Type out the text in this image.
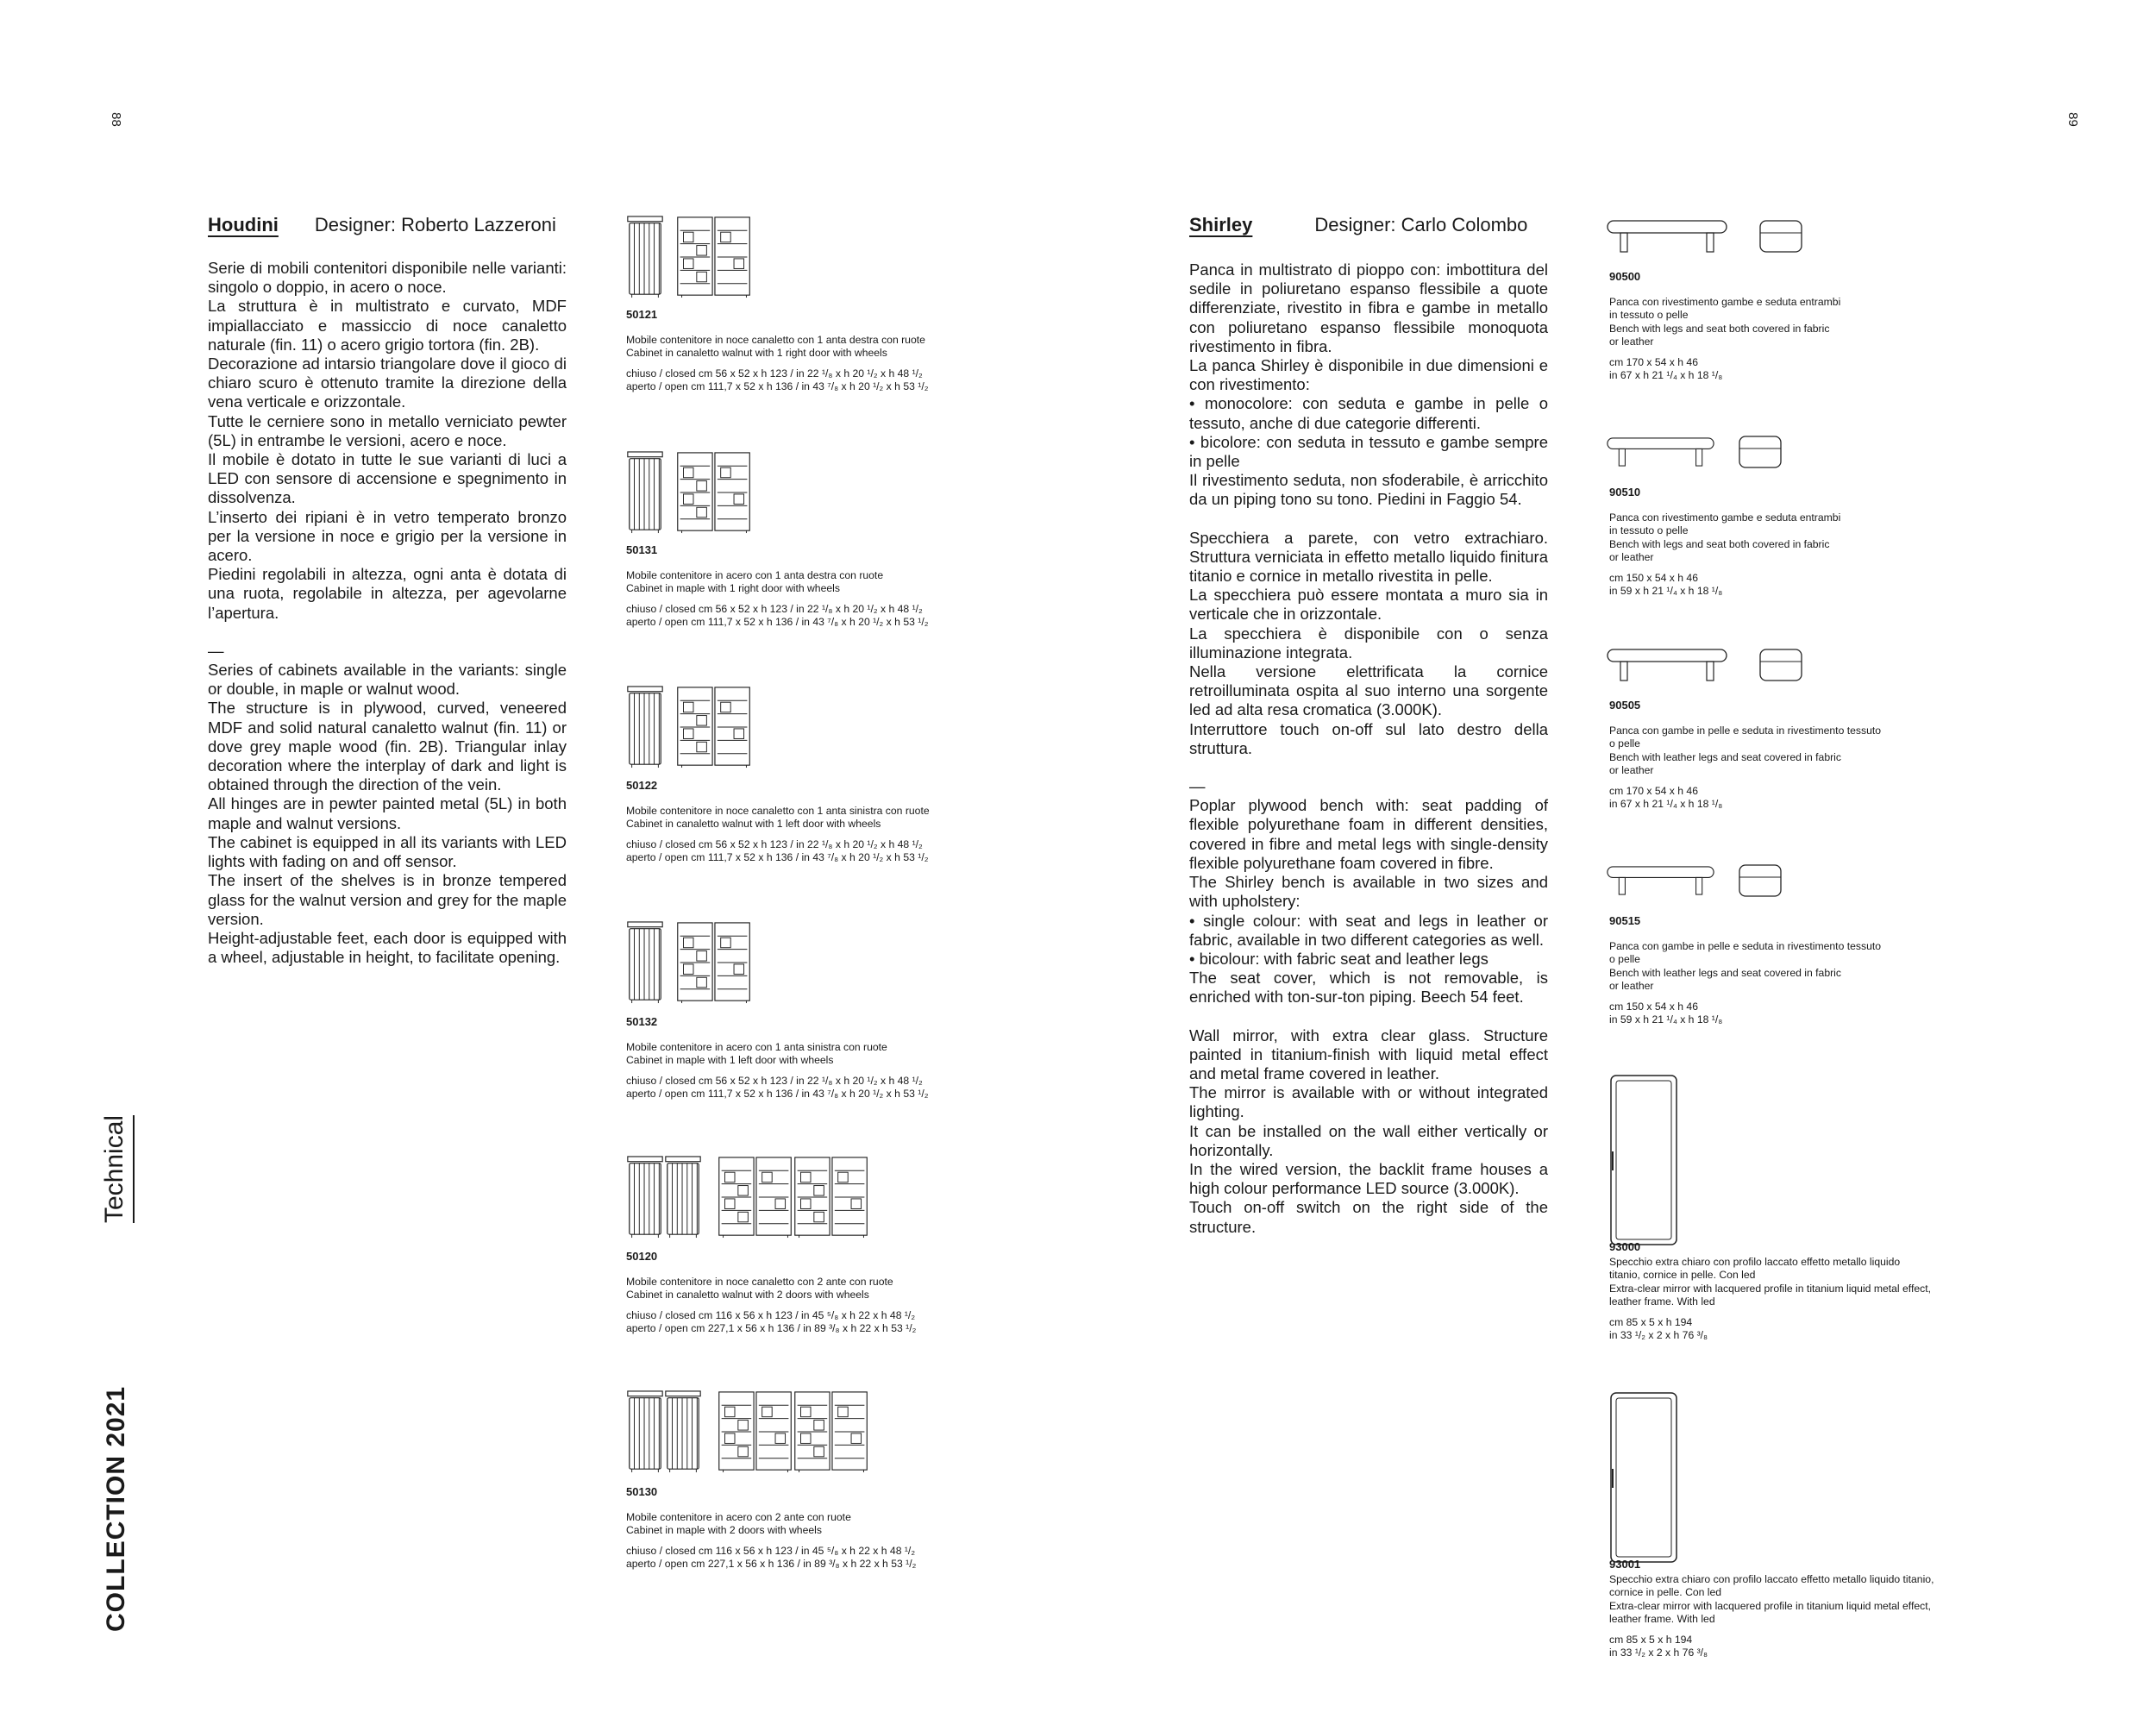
88	89
Technical
COLLECTION 2021
Houdini Designer: Roberto Lazzeroni

Serie di mobili contenitori disponibile nelle varianti: singolo o doppio, in acero o noce.

La struttura è in multistrato e curvato, MDF impiallacciato e massiccio di noce canaletto naturale (fin. 11) o acero grigio tortora (fin. 2B).

Decorazione ad intarsio triangolare dove il gioco di chiaro scuro è ottenuto tramite la direzione della vena verticale e orizzontale.

Tutte le cerniere sono in metallo verniciato pewter (5L) in entrambe le versioni, acero e noce.

Il mobile è dotato in tutte le sue varianti di luci a LED con sensore di accensione e spegnimento in dissolvenza.

L’inserto dei ripiani è in vetro temperato bronzo per la versione in noce e grigio per la versione in acero.

Piedini regolabili in altezza, ogni anta è dotata di una ruota, regolabile in altezza, per agevolarne l’apertura.

—

Series of cabinets available in the variants: single or double, in maple or walnut wood.

The structure is in plywood, curved, veneered MDF and solid natural canaletto walnut (fin. 11) or dove grey maple wood (fin. 2B). Triangular inlay decoration where the interplay of dark and light is obtained through the direction of the vein.

All hinges are in pewter painted metal (5L) in both maple and walnut versions.

The cabinet is equipped in all its variants with LED lights with fading on and off sensor.

The insert of the shelves is in bronze tempered glass for the walnut version and grey for the maple version.

Height-adjustable feet, each door is equipped with a wheel, adjustable in height, to facilitate opening.

50121

Mobile contenitore in noce canaletto con 1 anta destra con ruote

Cabinet in canaletto walnut with 1 right door with wheels

chiuso / closed cm 56 x 52 x h 123 / in 22 ¹/₈ x h 20 ¹/₂ x h 48 ¹/₂

aperto / open cm 111,7 x 52 x h 136 / in 43 ⁷/₈ x h 20 ¹/₂ x h 53 ¹/₂

50131

Mobile contenitore in acero con 1 anta destra con ruote

Cabinet in maple with 1 right door with wheels

chiuso / closed cm 56 x 52 x h 123 / in 22 ¹/₈ x h 20 ¹/₂ x h 48 ¹/₂

aperto / open cm 111,7 x 52 x h 136 / in 43 ⁷/₈ x h 20 ¹/₂ x h 53 ¹/₂

50122

Mobile contenitore in noce canaletto con 1 anta sinistra con ruote

Cabinet in canaletto walnut with 1 left door with wheels

chiuso / closed cm 56 x 52 x h 123 / in 22 ¹/₈ x h 20 ¹/₂ x h 48 ¹/₂

aperto / open cm 111,7 x 52 x h 136 / in 43 ⁷/₈ x h 20 ¹/₂ x h 53 ¹/₂

50132

Mobile contenitore in acero con 1 anta sinistra con ruote

Cabinet in maple with 1 left door with wheels

chiuso / closed cm 56 x 52 x h 123 / in 22 ¹/₈ x h 20 ¹/₂ x h 48 ¹/₂

aperto / open cm 111,7 x 52 x h 136 / in 43 ⁷/₈ x h 20 ¹/₂ x h 53 ¹/₂

50120

Mobile contenitore in noce canaletto con 2 ante con ruote

Cabinet in canaletto walnut with 2 doors with wheels

chiuso / closed cm 116 x 56 x h 123 / in 45 ⁵/₈ x h 22 x h 48 ¹/₂

aperto / open cm 227,1 x 56 x h 136 / in 89 ³/₈ x h 22 x h 53 ¹/₂

50130

Mobile contenitore in acero con 2 ante con ruote

Cabinet in maple with 2 doors with wheels

chiuso / closed cm 116 x 56 x h 123 / in 45 ⁵/₈ x h 22 x h 48 ¹/₂

aperto / open cm 227,1 x 56 x h 136 / in 89 ³/₈ x h 22 x h 53 ¹/₂

Shirley	Designer: Carlo Colombo

Panca in multistrato di pioppo con: imbottitura del sedile in poliuretano espanso flessibile a quote differenziate, rivestito in fibra e gambe in metallo con poliuretano espanso flessibile monoquota rivestimento in fibra.

La panca Shirley è disponibile in due dimensioni e con rivestimento:

• monocolore: con seduta e gambe in pelle o tessuto, anche di due categorie differenti.

• bicolore: con seduta in tessuto e gambe sempre in pelle

Il rivestimento seduta, non sfoderabile, è arricchito da un piping tono su tono. Piedini in Faggio 54.

Specchiera a parete, con vetro extrachiaro. Struttura verniciata in effetto metallo liquido finitura titanio e cornice in metallo rivestita in pelle.

La specchiera può essere montata a muro sia in verticale che in orizzontale.

La specchiera è disponibile con o senza illuminazione integrata.

Nella versione elettrificata la cornice retroilluminata ospita al suo interno una sorgente led ad alta resa cromatica (3.000K).

Interruttore touch on-off sul lato destro della struttura.

—

Poplar plywood bench with: seat padding of flexible polyurethane foam in different densities, covered in fibre and metal legs with single-density flexible polyurethane foam covered in fibre.

The Shirley bench is available in two sizes and with upholstery:

• single colour: with seat and legs in leather or fabric, available in two different categories as well.

• bicolour: with fabric seat and leather legs

The seat cover, which is not removable, is enriched with ton-sur-ton piping. Beech 54 feet.

Wall mirror, with extra clear glass. Structure painted in titanium-finish with liquid metal effect and metal frame covered in leather.

The mirror is available with or without integrated lighting.

It can be installed on the wall either vertically or horizontally.

In the wired version, the backlit frame houses a high colour performance LED source (3.000K).

Touch on-off switch on the right side of the structure.

90500

Panca con rivestimento gambe e seduta entrambi

in tessuto o pelle

Bench with legs and seat both covered in fabric

or leather

cm 170 x 54 x h 46

in 67 x h 21 ¹/₄ x h 18 ¹/₈

90510

Panca con rivestimento gambe e seduta entrambi

in tessuto o pelle

Bench with legs and seat both covered in fabric

or leather

cm 150 x 54 x h 46

in 59 x h 21 ¹/₄ x h 18 ¹/₈

90505

Panca con gambe in pelle e seduta in rivestimento tessuto

o pelle

Bench with leather legs and seat covered in fabric

or leather

cm 170 x 54 x h 46

in 67 x h 21 ¹/₄ x h 18 ¹/₈

90515

Panca con gambe in pelle e seduta in rivestimento tessuto

o pelle

Bench with leather legs and seat covered in fabric

or leather

cm 150 x 54 x h 46

in 59 x h 21 ¹/₄ x h 18 ¹/₈

93000

Specchio extra chiaro con profilo laccato effetto metallo liquido

titanio, cornice in pelle. Con led

Extra-clear mirror with lacquered profile in titanium liquid metal effect,

leather frame. With led

cm 85 x 5 x h 194

in 33 ¹/₂ x 2 x h 76 ³/₈

93001

Specchio extra chiaro con profilo laccato effetto metallo liquido titanio,

cornice in pelle. Con led

Extra-clear mirror with lacquered profile in titanium liquid metal effect,

leather frame. With led

cm 85 x 5 x h 194

in 33 ¹/₂ x 2 x h 76 ³/₈
